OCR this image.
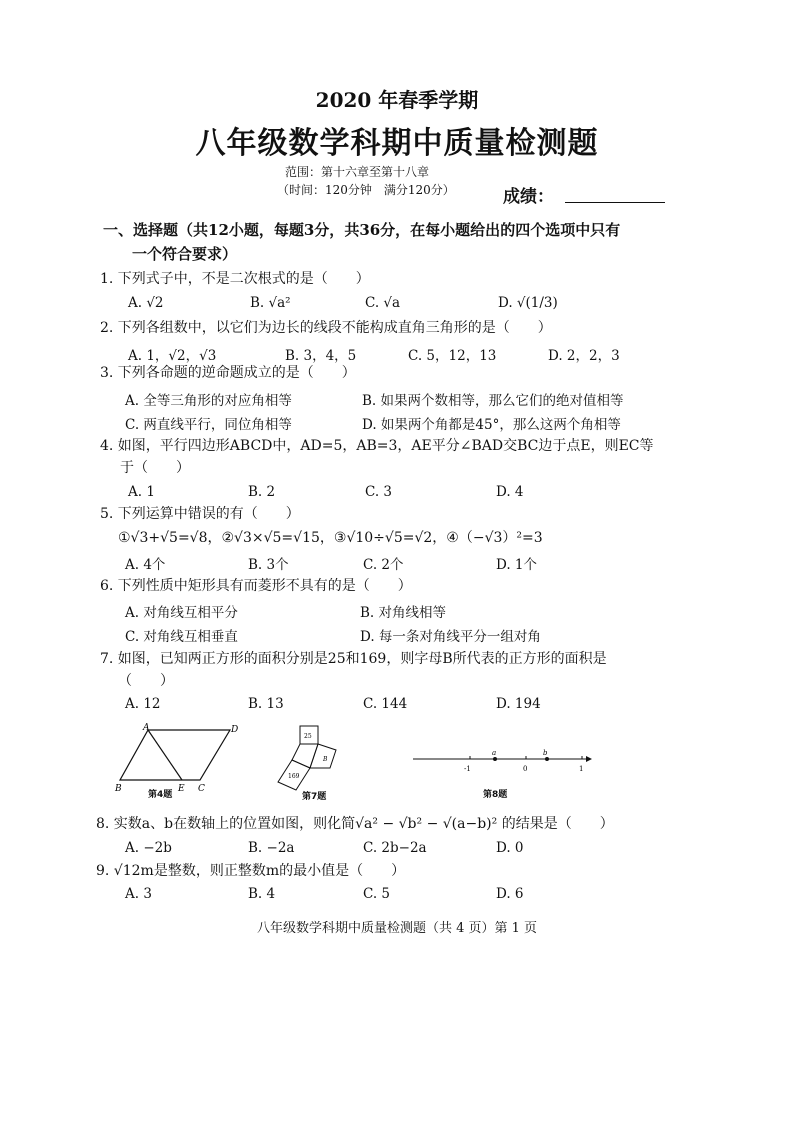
2020 年春季学期
八年级数学科期中质量检测题
范围：第十六章至第十八章
（时间：120分钟　满分120分）	成绩：
一、选择题（共12小题，每题3分，共36分，在每小题给出的四个选项中只有
一个符合要求）
1. 下列式子中，不是二次根式的是（　　）
A. √2	B. √a²	C. √a	D. √(1/3)
2. 下列各组数中，以它们为边长的线段不能构成直角三角形的是（　　）
A. 1，√2，√3	B. 3，4，5	C. 5，12，13	D. 2，2，3
3. 下列各命题的逆命题成立的是（　　）
A. 全等三角形的对应角相等	B. 如果两个数相等，那么它们的绝对值相等
C. 两直线平行，同位角相等	D. 如果两个角都是45°，那么这两个角相等
4. 如图，平行四边形ABCD中，AD=5，AB=3，AE平分∠BAD交BC边于点E，则EC等
于（　　）
A. 1	B. 2	C. 3	D. 4
5. 下列运算中错误的有（　　）
①√3+√5=√8，②√3×√5=√15，③√10÷√5=√2，④（−√3）²=3
A. 4个	B. 3个	C. 2个	D. 1个
6. 下列性质中矩形具有而菱形不具有的是（　　）
A. 对角线互相平分	B. 对角线相等
C. 对角线互相垂直	D. 每一条对角线平分一组对角
7. 如图，已知两正方形的面积分别是25和169，则字母B所代表的正方形的面积是
（　　）
A. 12	B. 13	C. 144	D. 194
A	D
B	E C
第4题
25
169
B
第7题
a	b
-1	0	1
第8题
8. 实数a、b在数轴上的位置如图，则化简√a² − √b² − √(a−b)² 的结果是（　　）
A. −2b	B. −2a	C. 2b−2a	D. 0
9. √12m是整数，则正整数m的最小值是（　　）
A. 3	B. 4	C. 5	D. 6
八年级数学科期中质量检测题（共 4 页）第 1 页
